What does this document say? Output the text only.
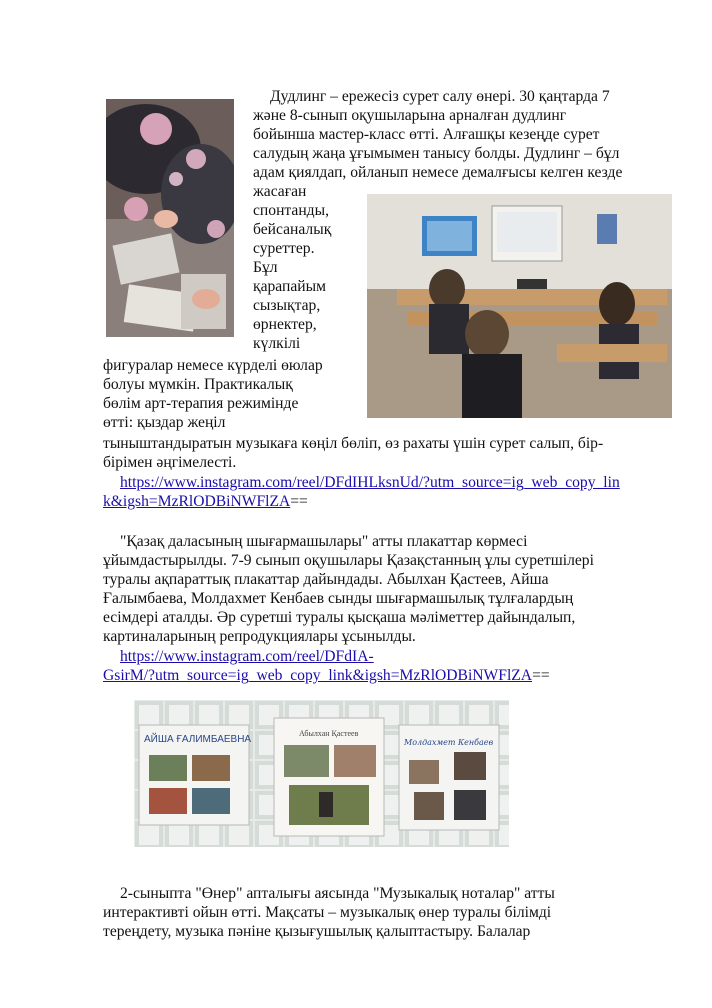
Дудлинг – ережесіз сурет салу өнері. 30 қаңтарда 7
және 8-сынып оқушыларына арналған дудлинг
бойынша мастер-класс өтті. Алғашқы кезеңде сурет
салудың жаңа ұғымымен танысу болды. Дудлинг – бұл
адам қиялдап, ойланып немесе демалғысы келген кезде
жасаған
спонтанды,
бейсаналық
суреттер.
Бұл
қарапайым
сызықтар,
өрнектер,
күлкілі
фигуралар немесе күрделі өюлар
болуы мүмкін. Практикалық
бөлім арт-терапия режимінде
өтті: қыздар жеңіл
тыныштандыратын музыкаға көңіл бөліп, өз рахаты үшін сурет салып, бір-
бірімен әңгімелесті.
https://www.instagram.com/reel/DFdIHLksnUd/?utm_source=ig_web_copy_lin
k&igsh=MzRlODBiNWFlZA==
"Қазақ даласының шығармашылары" атты плакаттар көрмесі
ұйымдастырылды. 7-9 сынып оқушылары Қазақстанның ұлы суретшілері
туралы ақпараттық плакаттар дайындады. Абылхан Қастеев, Айша
Ғалымбаева, Молдахмет Кенбаев сынды шығармашылық тұлғалардың
есімдері аталды. Әр суретші туралы қысқаша мәліметтер дайындалып,
картиналарының репродукциялары ұсынылды.
https://www.instagram.com/reel/DFdIA-
GsirM/?utm_source=ig_web_copy_link&igsh=MzRlODBiNWFlZA==
АЙША ҒАЛИМБАЕВНА
Абылхан Қастеев
Молдахмет Кенбаев
2-сыныпта "Өнер" апталығы аясында "Музыкалық ноталар" атты
интерактивті ойын өтті. Мақсаты – музыкалық өнер туралы білімді
тереңдету, музыка пәніне қызығушылық қалыптастыру. Балалар
